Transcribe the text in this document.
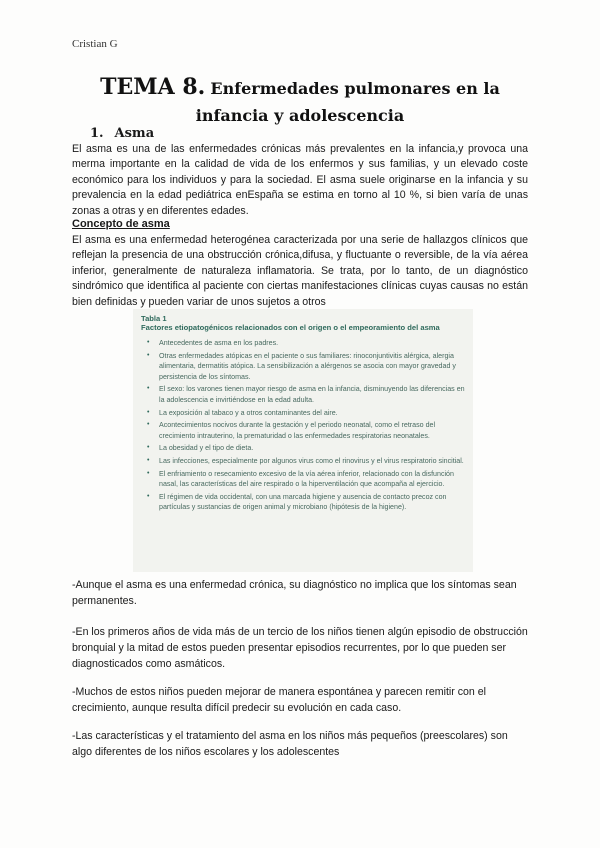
Cristian G
TEMA 8. Enfermedades pulmonares en la
infancia y adolescencia
1. Asma

El asma es una de las enfermedades crónicas más prevalentes en la infancia,y provoca una merma importante en la calidad de vida de los enfermos y sus familias, y un elevado coste económico para los individuos y para la sociedad. El asma suele originarse en la infancia y su prevalencia en la edad pediátrica enEspaña se estima en torno al 10 %, si bien varía de unas zonas a otras y en diferentes edades.

Concepto de asma

El asma es una enfermedad heterogénea caracterizada por una serie de hallazgos clínicos que reflejan la presencia de una obstrucción crónica,difusa, y fluctuante o reversible, de la vía aérea inferior, generalmente de naturaleza inflamatoria. Se trata, por lo tanto, de un diagnóstico sindrómico que identifica al paciente con ciertas manifestaciones clínicas cuyas causas no están bien definidas y pueden variar de unos sujetos a otros

Tabla 1
Factores etiopatogénicos relacionados con el origen o el empeoramiento del asma
• Antecedentes de asma en los padres.
• Otras enfermedades atópicas en el paciente o sus familiares: rinoconjuntivitis alérgica, alergia alimentaria, dermatitis atópica. La sensibilización a alérgenos se asocia con mayor gravedad y persistencia de los síntomas.
• El sexo: los varones tienen mayor riesgo de asma en la infancia, disminuyendo las diferencias en la adolescencia e invirtiéndose en la edad adulta.
• La exposición al tabaco y a otros contaminantes del aire.
• Acontecimientos nocivos durante la gestación y el periodo neonatal, como el retraso del crecimiento intrauterino, la prematuridad o las enfermedades respiratorias neonatales.
• La obesidad y el tipo de dieta.
• Las infecciones, especialmente por algunos virus como el rinovirus y el virus respiratorio sincitial.
• El enfriamiento o resecamiento excesivo de la vía aérea inferior, relacionado con la disfunción nasal, las características del aire respirado o la hiperventilación que acompaña al ejercicio.
• El régimen de vida occidental, con una marcada higiene y ausencia de contacto precoz con partículas y sustancias de origen animal y microbiano (hipótesis de la higiene).

-Aunque el asma es una enfermedad crónica, su diagnóstico no implica que los síntomas sean permanentes.

-En los primeros años de vida más de un tercio de los niños tienen algún episodio de obstrucción bronquial y la mitad de estos pueden presentar episodios recurrentes, por lo que pueden ser diagnosticados como asmáticos.

-Muchos de estos niños pueden mejorar de manera espontánea y parecen remitir con el crecimiento, aunque resulta difícil predecir su evolución en cada caso.

-Las características y el tratamiento del asma en los niños más pequeños (preescolares) son algo diferentes de los niños escolares y los adolescentes
